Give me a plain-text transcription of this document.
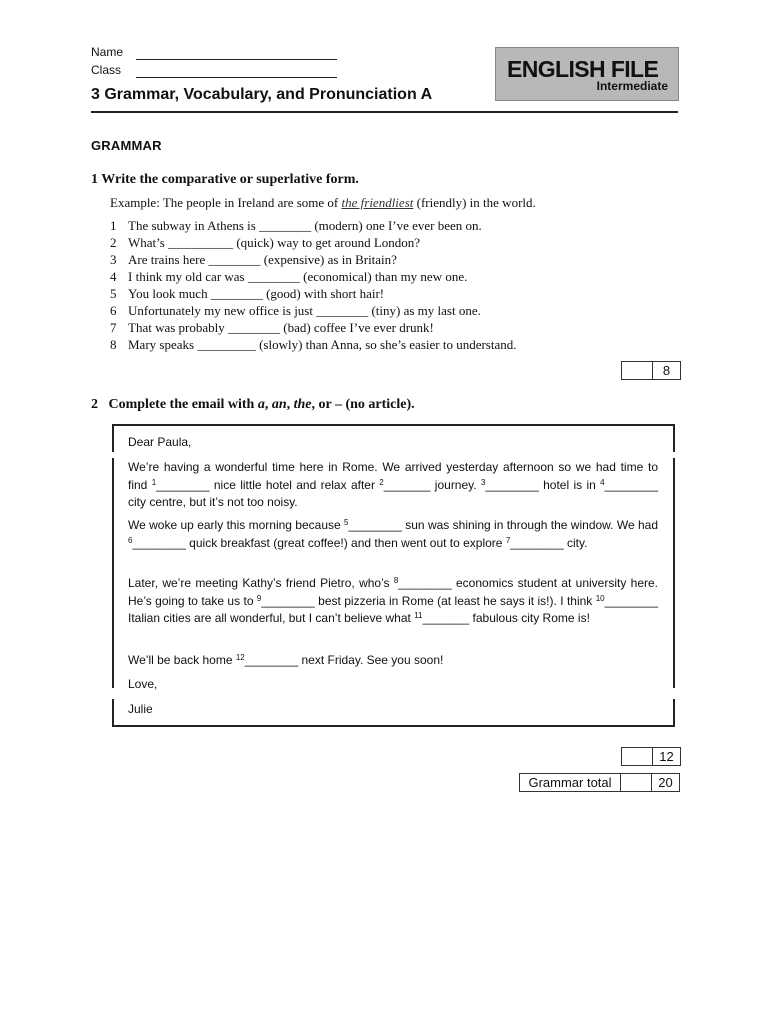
Name
Class
3 Grammar, Vocabulary, and Pronunciation A
ENGLISH FILE
Intermediate
GRAMMAR
1 Write the comparative or superlative form.
Example: The people in Ireland are some of the friendliest (friendly) in the world.
1 The subway in Athens is ________ (modern) one I’ve ever been on.
2 What’s __________ (quick) way to get around London?
3 Are trains here ________ (expensive) as in Britain?
4 I think my old car was ________ (economical) than my new one.
5 You look much ________ (good) with short hair!
6 Unfortunately my new office is just ________ (tiny) as my last one.
7 That was probably ________ (bad) coffee I’ve ever drunk!
8 Mary speaks _________ (slowly) than Anna, so she’s easier to understand.
8
2 Complete the email with a, an, the, or – (no article).
Dear Paula,

We’re having a wonderful time here in Rome. We arrived yesterday afternoon so we had time to find $^1$________ nice little hotel and relax after $^2$_______ journey. $^3$________ hotel is in $^4$________ city centre, but it’s not too noisy.

We woke up early this morning because $^5$________ sun was shining in through the window. We had $^6$________ quick breakfast (great coffee!) and then went out to explore $^7$________ city.

Later, we’re meeting Kathy’s friend Pietro, who’s $^8$________ economics student at university here. He’s going to take us to $^9$________ best pizzeria in Rome (at least he says it is!). I think $^{10}$________ Italian cities are all wonderful, but I can’t believe what $^{11}$_______ fabulous city Rome is!

We’ll be back home $^{12}$________ next Friday. See you soon!

Love,
Julie
12
Grammar total	20
